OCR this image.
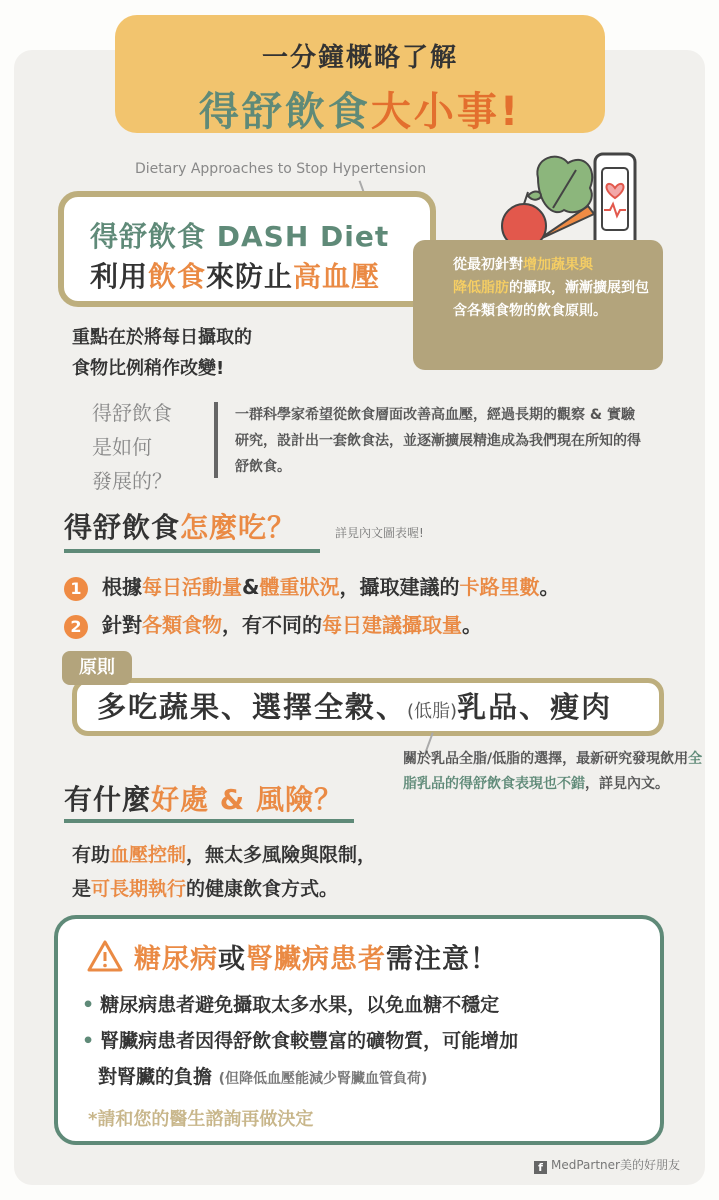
一分鐘概略了解
得舒飲食大小事!
Dietary Approaches to Stop Hypertension
得舒飲食 DASH Diet
利用飲食來防止高血壓	從最初針對增加蔬果與
降低脂肪的攝取，漸漸擴展到包含各類食物的飲食原則。
重點在於將每日攝取的
食物比例稍作改變!
得舒飲食
是如何
發展的？
一群科學家希望從飲食層面改善高血壓，經過長期的觀察 & 實驗研究，設計出一套飲食法，並逐漸擴展精進成為我們現在所知的得舒飲食。
得舒飲食怎麼吃？	詳見內文圖表喔!
1 根據每日活動量&體重狀況，攝取建議的卡路里數。
2 針對各類食物，有不同的每日建議攝取量。
多吃蔬果、選擇全穀、(低脂)乳品、瘦肉
原則
關於乳品全脂/低脂的選擇，最新研究發現飲用全脂乳品的得舒飲食表現也不錯，詳見內文。
有什麼好處 & 風險？
有助血壓控制，無太多風險與限制，
是可長期執行的健康飲食方式。
糖尿病或腎臟病患者需注意！
• 糖尿病患者避免攝取太多水果，以免血糖不穩定
• 腎臟病患者因得舒飲食較豐富的礦物質，可能增加
對腎臟的負擔 (但降低血壓能減少腎臟血管負荷)
*請和您的醫生諮詢再做決定
f MedPartner美的好朋友
